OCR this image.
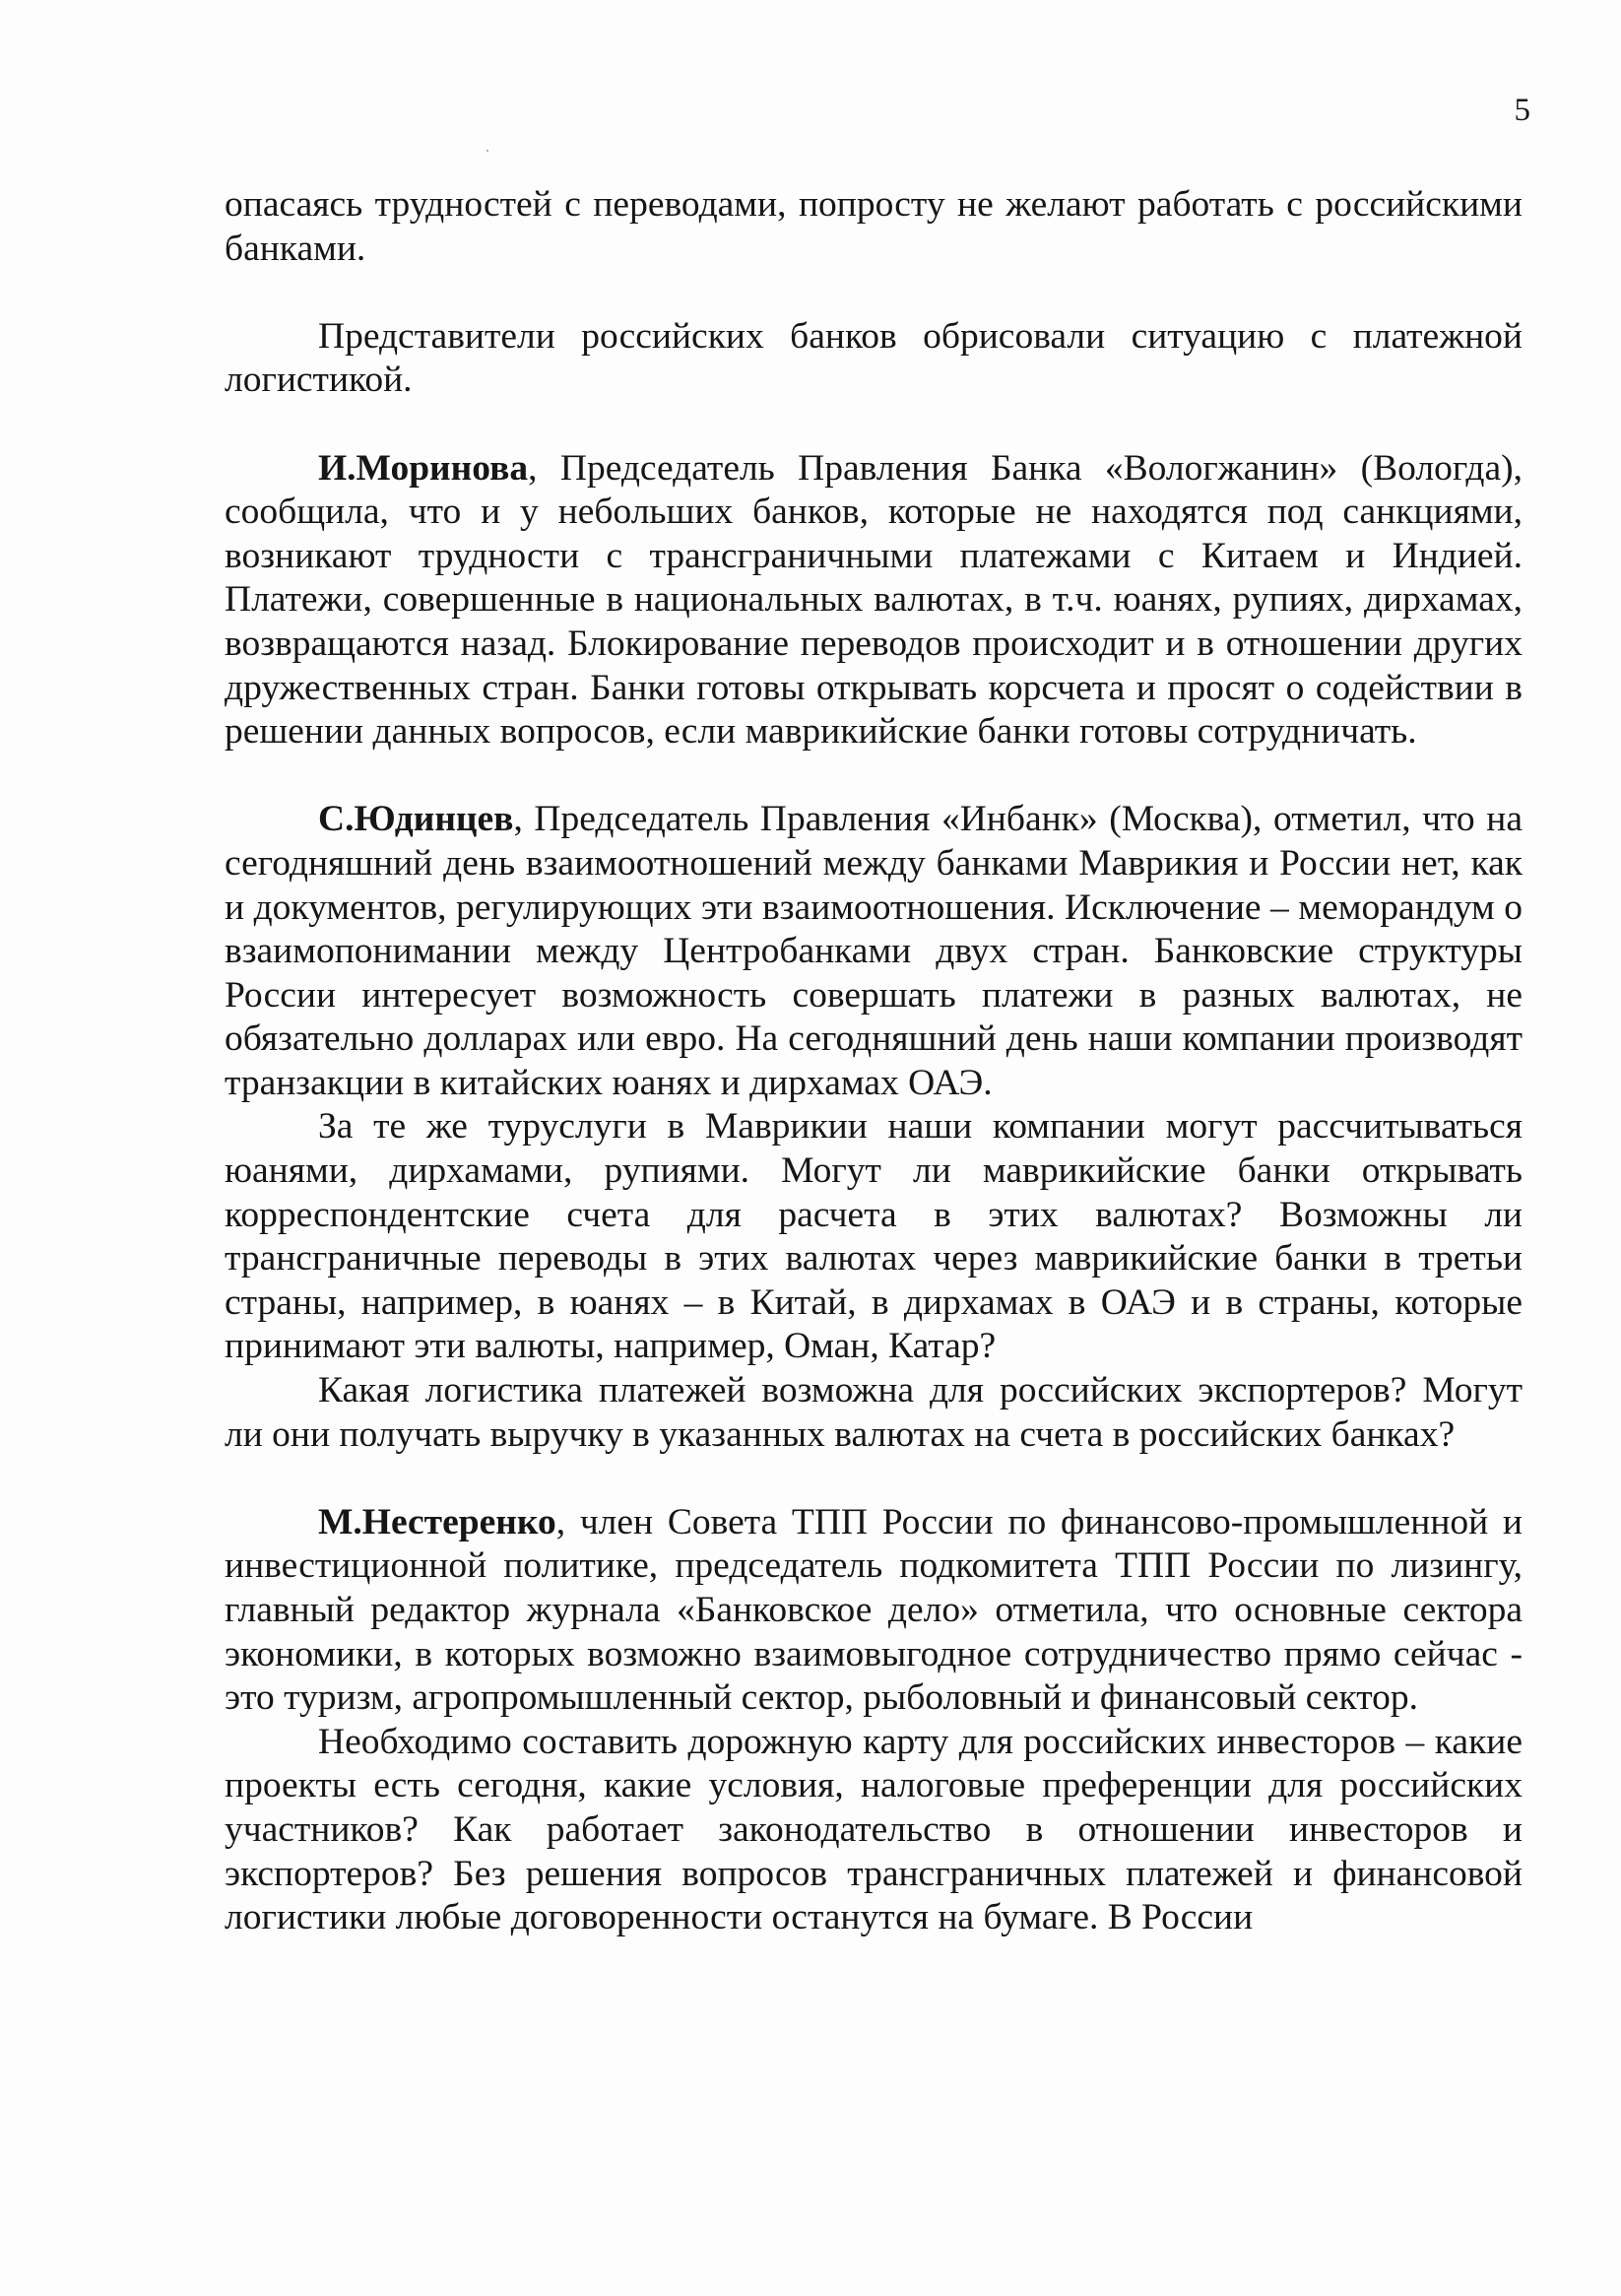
5

опасаясь трудностей с переводами, попросту не желают работать с российскими банками.

Представители российских банков обрисовали ситуацию с платежной логистикой.

И.Моринова, Председатель Правления Банка «Вологжанин» (Вологда), сообщила, что и у небольших банков, которые не находятся под санкциями, возникают трудности с трансграничными платежами с Китаем и Индией. Платежи, совершенные в национальных валютах, в т.ч. юанях, рупиях, дирхамах, возвращаются назад. Блокирование переводов происходит и в отношении других дружественных стран. Банки готовы открывать корсчета и просят о содействии в решении данных вопросов, если маврикийские банки готовы сотрудничать.

С.Юдинцев, Председатель Правления «Инбанк» (Москва), отметил, что на сегодняшний день взаимоотношений между банками Маврикия и России нет, как и документов, регулирующих эти взаимоотношения. Исключение – меморандум о взаимопонимании между Центробанками двух стран. Банковские структуры России интересует возможность совершать платежи в разных валютах, не обязательно долларах или евро. На сегодняшний день наши компании производят транзакции в китайских юанях и дирхамах ОАЭ.

За те же туруслуги в Маврикии наши компании могут рассчитываться юанями, дирхамами, рупиями. Могут ли маврикийские банки открывать корреспондентские счета для расчета в этих валютах? Возможны ли трансграничные переводы в этих валютах через маврикийские банки в третьи страны, например, в юанях – в Китай, в дирхамах в ОАЭ и в страны, которые принимают эти валюты, например, Оман, Катар?

Какая логистика платежей возможна для российских экспортеров? Могут ли они получать выручку в указанных валютах на счета в российских банках?

М.Нестеренко, член Совета ТПП России по финансово-промышленной и инвестиционной политике, председатель подкомитета ТПП России по лизингу, главный редактор журнала «Банковское дело» отметила, что основные сектора экономики, в которых возможно взаимовыгодное сотрудничество прямо сейчас - это туризм, агропромышленный сектор, рыболовный и финансовый сектор.

Необходимо составить дорожную карту для российских инвесторов – какие проекты есть сегодня, какие условия, налоговые преференции для российских участников? Как работает законодательство в отношении инвесторов и экспортеров? Без решения вопросов трансграничных платежей и финансовой логистики любые договоренности останутся на бумаге. В России
